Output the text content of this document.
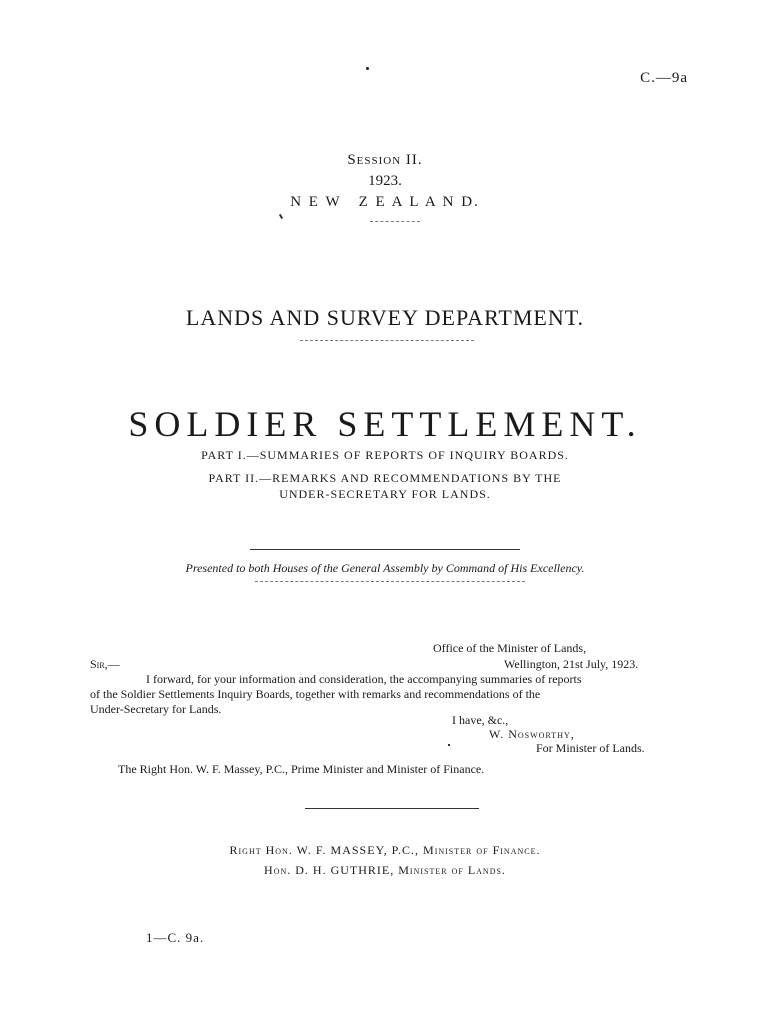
C.—9a
Session II.
1923.
N E W   Z E A L A N D.
LANDS AND SURVEY DEPARTMENT.
SOLDIER SETTLEMENT.
PART I.—SUMMARIES OF REPORTS OF INQUIRY BOARDS.
PART II.—REMARKS AND RECOMMENDATIONS BY THE
UNDER-SECRETARY FOR LANDS.
Presented to both Houses of the General Assembly by Command of His Excellency.
Office of the Minister of Lands,
Sir,—	Wellington, 21st July, 1923.
I forward, for your information and consideration, the accompanying summaries of reports
of the Soldier Settlements Inquiry Boards, together with remarks and recommendations of the
Under-Secretary for Lands.
I have, &c.,
W. Nosworthy,
For Minister of Lands.
The Right Hon. W. F. Massey, P.C., Prime Minister and Minister of Finance.
Right Hon. W. F. MASSEY, P.C., Minister of Finance.
Hon. D. H. GUTHRIE, Minister of Lands.
1—C. 9a.
